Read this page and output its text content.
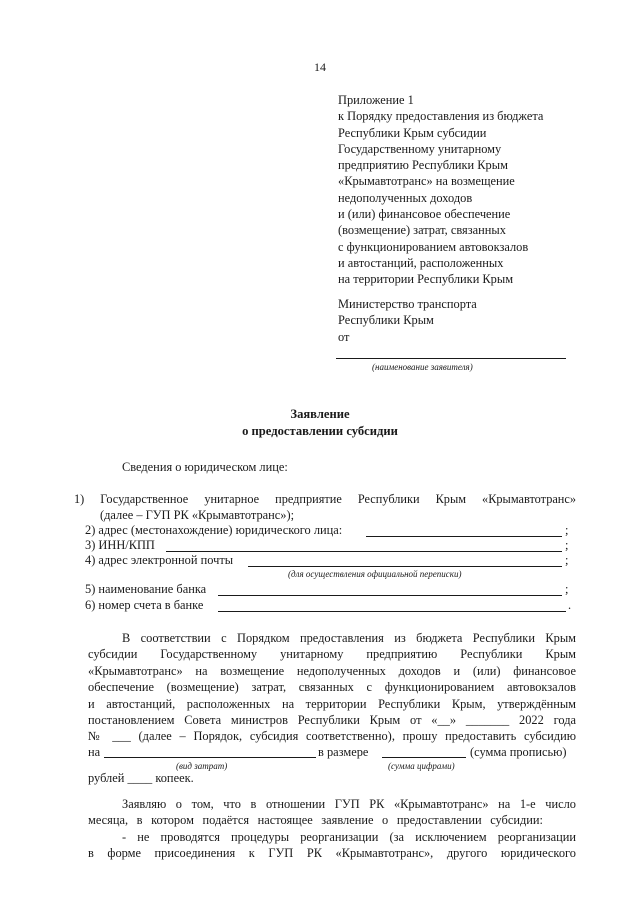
14
Приложение 1
к Порядку предоставления из бюджета
Республики Крым субсидии
Государственному унитарному
предприятию Республики Крым
«Крымавтотранс» на возмещение
недополученных доходов
и (или) финансовое обеспечение
(возмещение) затрат, связанных
с функционированием автовокзалов
и автостанций, расположенных
на территории Республики Крым
Министерство транспорта
Республики Крым
от
(наименование заявителя)
Заявление
о предоставлении субсидии
Сведения о юридическом лице:
1) Государственное унитарное предприятие Республики Крым «Крымавтотранс»
(далее – ГУП РК «Крымавтотранс»);
2) адрес (местонахождение) юридического лица:	;
3) ИНН/КПП	;
4) адрес электронной почты	;
(для осуществления официальной переписки)
5) наименование банка	;
6) номер счета в банке	.
В соответствии с Порядком предоставления из бюджета Республики Крым
субсидии Государственному унитарному предприятию Республики Крым
«Крымавтотранс» на возмещение недополученных доходов и (или) финансовое
обеспечение (возмещение) затрат, связанных с функционированием автовокзалов
и автостанций, расположенных на территории Республики Крым, утверждённым
постановлением Совета министров Республики Крым от «__» _______ 2022 года
№ ___ (далее – Порядок, субсидия соответственно), прошу предоставить субсидию
на	в размере	(сумма прописью)
(вид затрат)	(сумма цифрами)
рублей ____ копеек.
Заявляю о том, что в отношении ГУП РК «Крымавтотранс» на 1-е число
месяца, в котором подаётся настоящее заявление о предоставлении субсидии:
- не проводятся процедуры реорганизации (за исключением реорганизации
в форме присоединения к ГУП РК «Крымавтотранс», другого юридического
